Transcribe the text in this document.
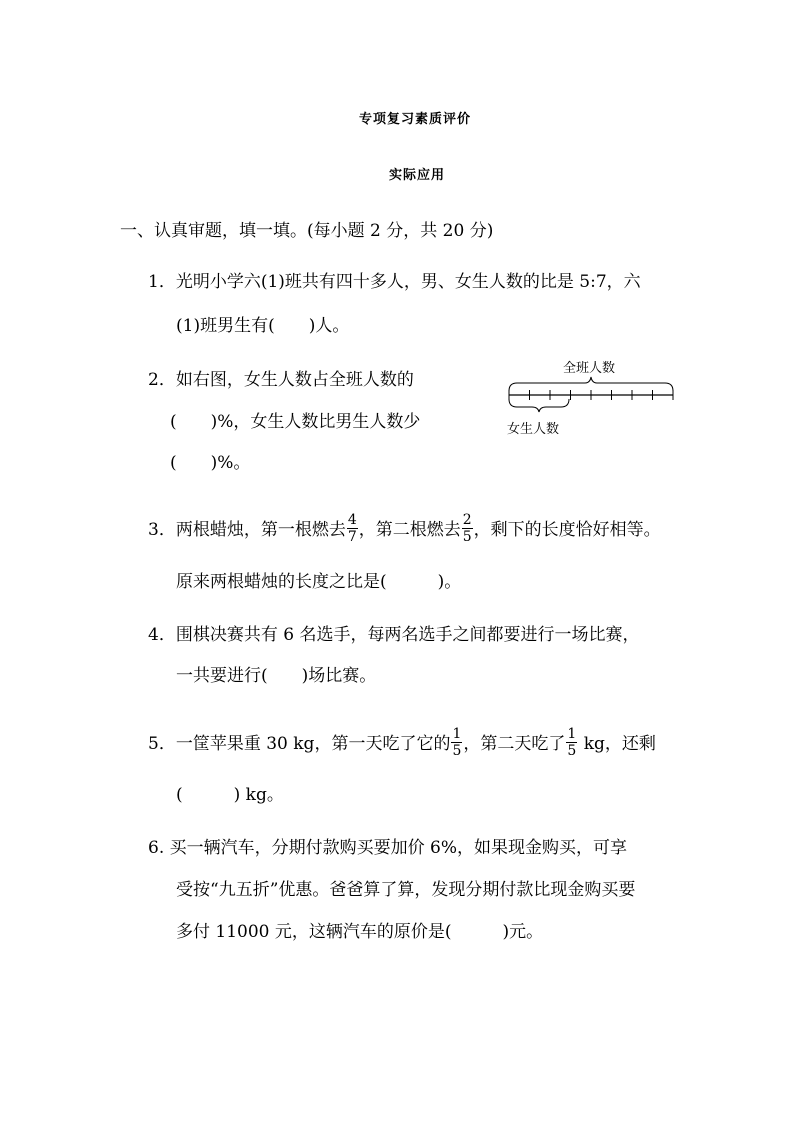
专项复习素质评价
实际应用
一、认真审题，填一填。(每小题 2 分，共 20 分)
1．光明小学六(1)班共有四十多人，男、女生人数的比是 5:7，六
(1)班男生有(　　)人。
2．如右图，女生人数占全班人数的
(　　)%，女生人数比男生人数少
(　　)%。
全班人数
女生人数
3．两根蜡烛，第一根燃去 $\frac{4}{7}$ ，第二根燃去 $\frac{2}{5}$ ，剩下的长度恰好相等。
原来两根蜡烛的长度之比是(　　　)。
4．围棋决赛共有 6 名选手，每两名选手之间都要进行一场比赛，
一共要进行(　　)场比赛。
5．一筐苹果重 30 kg，第一天吃了它的 $\frac{1}{5}$ ，第二天吃了 $\frac{1}{5}$ kg，还剩
(　　　) kg。
6. 买一辆汽车，分期付款购买要加价 6%，如果现金购买，可享
受按“九五折”优惠。爸爸算了算，发现分期付款比现金购买要
多付 11000 元，这辆汽车的原价是(　　　)元。
